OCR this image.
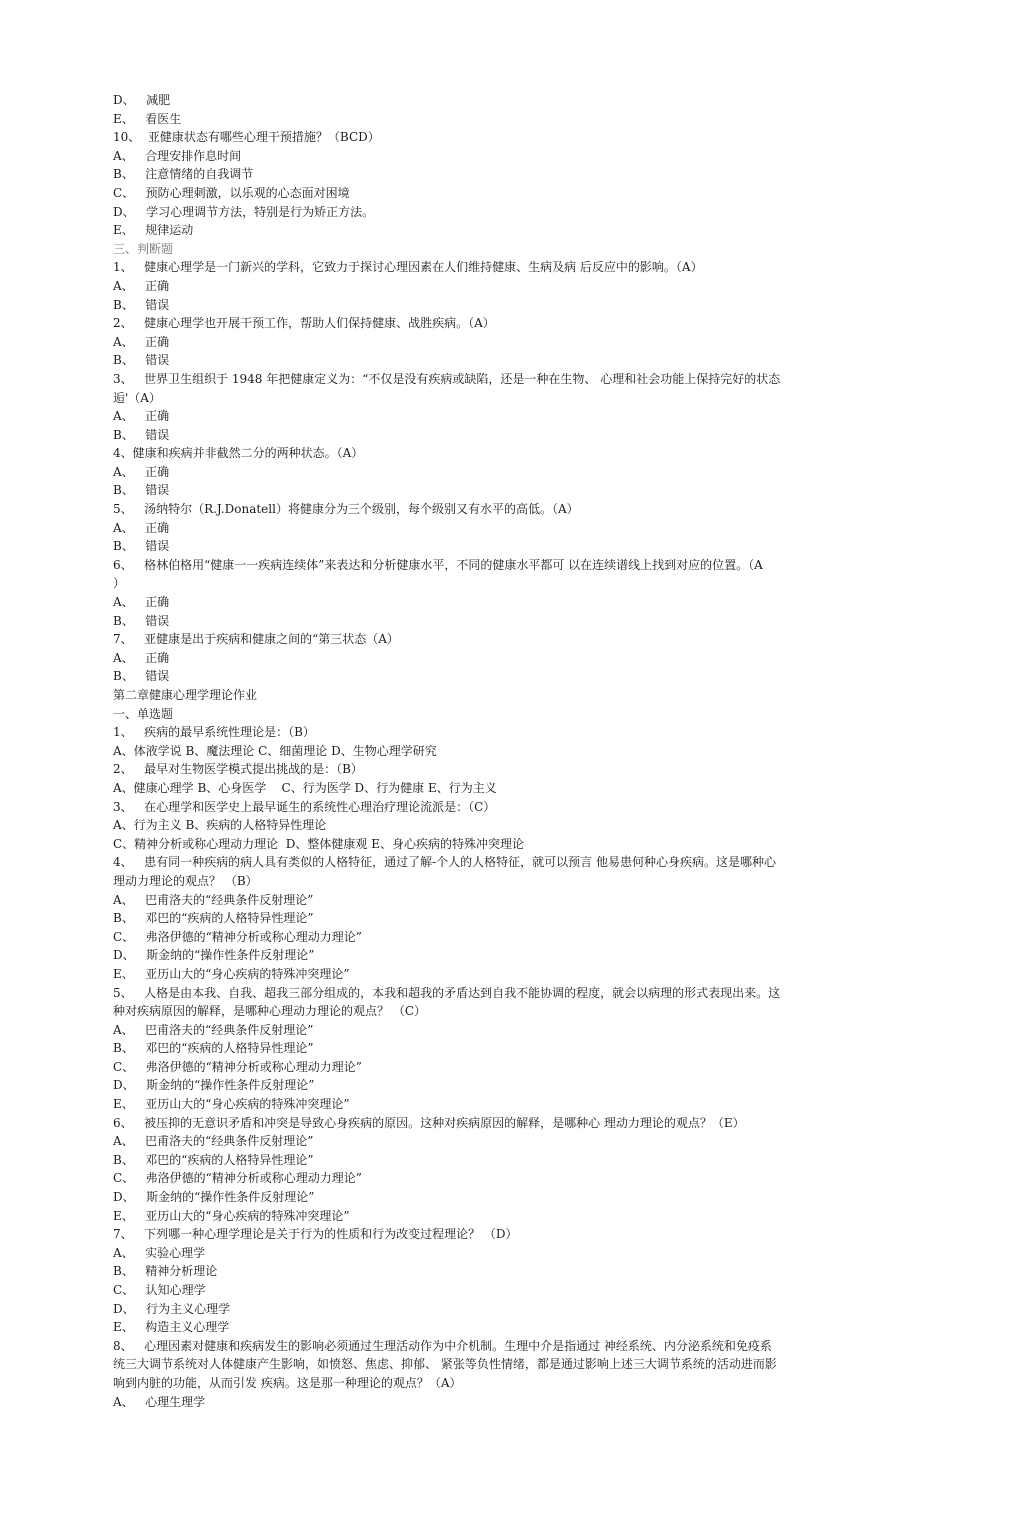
D、   减肥
E、   看医生
10、  亚健康状态有哪些心理干预措施？（BCD）
A、   合理安排作息时间
B、   注意情绪的自我调节
C、   预防心理刺激，以乐观的心态面对困境
D、   学习心理调节方法，特别是行为矫正方法。
E、   规律运动
三、判断题
1、   健康心理学是一门新兴的学科，它致力于探讨心理因素在人们维持健康、生病及病 后反应中的影响。（A）
A、   正确
B、   错误
2、   健康心理学也开展干预工作，帮助人们保持健康、战胜疾病。（A）
A、   正确
B、   错误
3、   世界卫生组织于 1948 年把健康定义为：“不仅是没有疾病或缺陷，还是一种在生物、 心理和社会功能上保持完好的状态
逅'（A）
A、   正确
B、   错误
4、健康和疾病并非截然二分的两种状态。（A）
A、   正确
B、   错误
5、   汤纳特尔（R.J.Donatell）将健康分为三个级别，每个级别又有水平的高低。（A）
A、   正确
B、   错误
6、   格林伯格用“健康一一疾病连续体”来表达和分析健康水平，不同的健康水平都可 以在连续谱线上找到对应的位置。（A
）
A、   正确
B、   错误
7、   亚健康是出于疾病和健康之间的“第三状态（A）
A、   正确
B、   错误
第二章健康心理学理论作业
一、单选题
1、   疾病的最早系统性理论是：（B）
A、体液学说 B、魔法理论 C、细菌理论 D、生物心理学研究
2、   最早对生物医学模式提出挑战的是：（B）
A、健康心理学 B、心身医学    C、行为医学 D、行为健康 E、行为主义
3、   在心理学和医学史上最早诞生的系统性心理治疗理论流派是：（C）
A、行为主义 B、疾病的人格特异性理论
C、精神分析或称心理动力理论  D、整体健康观 E、身心疾病的特殊冲突理论
4、   患有同一种疾病的病人具有类似的人格特征，通过了解-个人的人格特征，就可以预言 他易患何种心身疾病。这是哪种心
理动力理论的观点？ （B）
A、   巴甫洛夫的“经典条件反射理论”
B、   邓巴的“疾病的人格特异性理论”
C、   弗洛伊德的“精神分析或称心理动力理论”
D、   斯金纳的“操作性条件反射理论”
E、   亚历山大的“身心疾病的特殊冲突理论”
5、   人格是由本我、自我、超我三部分组成的，本我和超我的矛盾达到自我不能协调的程度，就会以病理的形式表现出来。这
种对疾病原因的解释，是哪种心理动力理论的观点？ （C）
A、   巴甫洛夫的“经典条件反射理论”
B、   邓巴的“疾病的人格特异性理论”
C、   弗洛伊德的“精神分析或称心理动力理论”
D、   斯金纳的“操作性条件反射理论”
E、   亚历山大的“身心疾病的特殊冲突理论”
6、   被压抑的无意识矛盾和冲突是导致心身疾病的原因。这种对疾病原因的解释，是哪种心 理动力理论的观点？（E）
A、   巴甫洛夫的“经典条件反射理论”
B、   邓巴的“疾病的人格特异性理论”
C、   弗洛伊德的“精神分析或称心理动力理论”
D、   斯金纳的“操作性条件反射理论”
E、   亚历山大的“身心疾病的特殊冲突理论”
7、   下列哪一种心理学理论是关于行为的性质和行为改变过程理论？ （D）
A、   实验心理学
B、   精神分析理论
C、   认知心理学
D、   行为主义心理学
E、   构造主义心理学
8、   心理因素对健康和疾病发生的影响必须通过生理活动作为中介机制。生理中介是指通过 神经系统、内分泌系统和免疫系
统三大调节系统对人体健康产生影响，如愤怒、焦虑、抑郁、 紧张等负性情绪，都是通过影响上述三大调节系统的活动进而影
响到内脏的功能，从而引发 疾病。这是那一种理论的观点？（A）
A、   心理生理学
